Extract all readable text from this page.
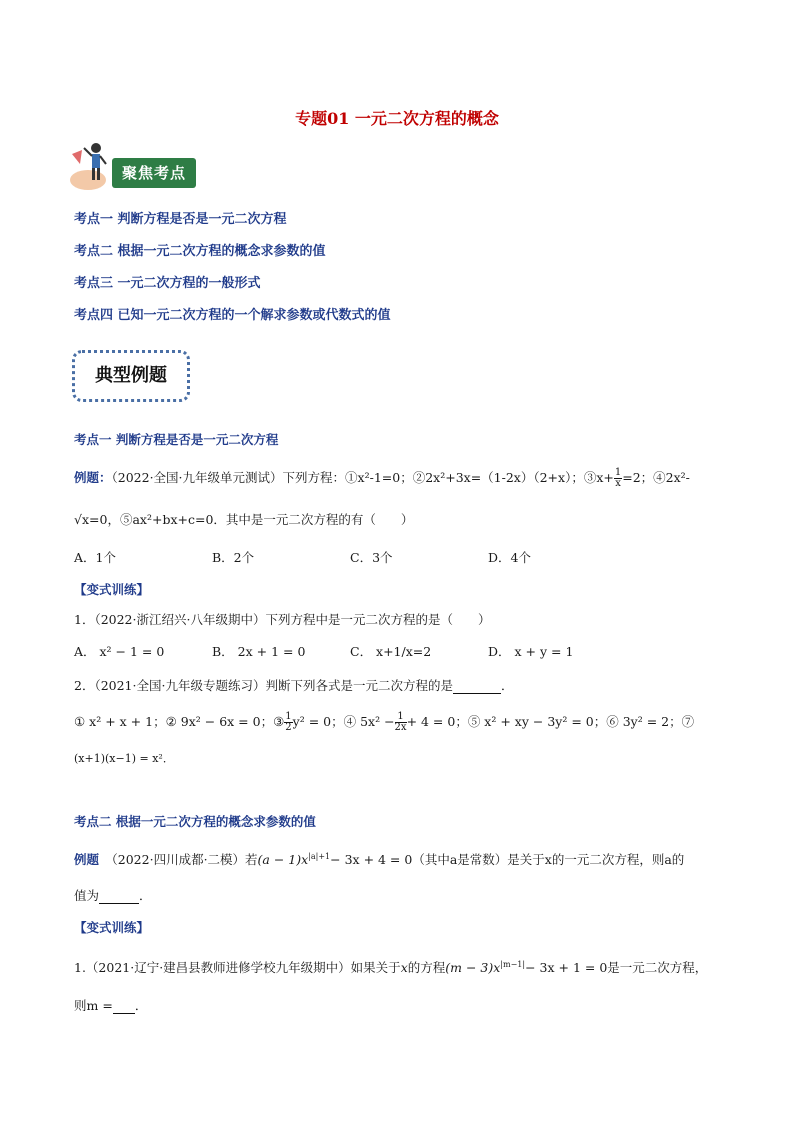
专题01 一元二次方程的概念
聚焦考点
考点一 判断方程是否是一元二次方程
考点二 根据一元二次方程的概念求参数的值
考点三 一元二次方程的一般形式
考点四 已知一元二次方程的一个解求参数或代数式的值
典型例题
考点一 判断方程是否是一元二次方程
例题：（2022·全国·九年级单元测试）下列方程：①x²-1=0；②2x²+3x=（1-2x）（2+x）；③x+ $\frac{1}{x} =2$；④2x²-
√x=0，⑤ax²+bx+c=0．其中是一元二次方程的有（　　）
A．1个	B．2个	C．3个	D．4个
【变式训练】
1．（2022·浙江绍兴·八年级期中）下列方程中是一元二次方程的是（　　）
A． x² − 1 = 0	B． 2x + 1 = 0	C． x+1/x=2	D． x + y = 1
2．（2021·全国·九年级专题练习）判断下列各式是一元二次方程的是	．
① x² + x + 1；② 9x² − 6x = 0；③ $\frac{1}{2} y^2 = 0$；④ $5x^2 - \frac{1}{2x} + 4 = 0$；⑤ x² + xy − 3y² = 0；⑥ 3y² = 2；⑦
(x+1)(x−1) = x²．
考点二 根据一元二次方程的概念求参数的值
例题　 （2022·四川成都·二模）若$(a - 1)x^{|a|+1}- 3x + 4 = 0$（其中a是常数）是关于x的一元二次方程，则a的
值为	．
【变式训练】
1.（2021·辽宁·建昌县教师进修学校九年级期中）如果关于x的方程$(m - 3)x^{|m-1|}- 3x + 1 = 0$是一元二次方程，
则m = ．
